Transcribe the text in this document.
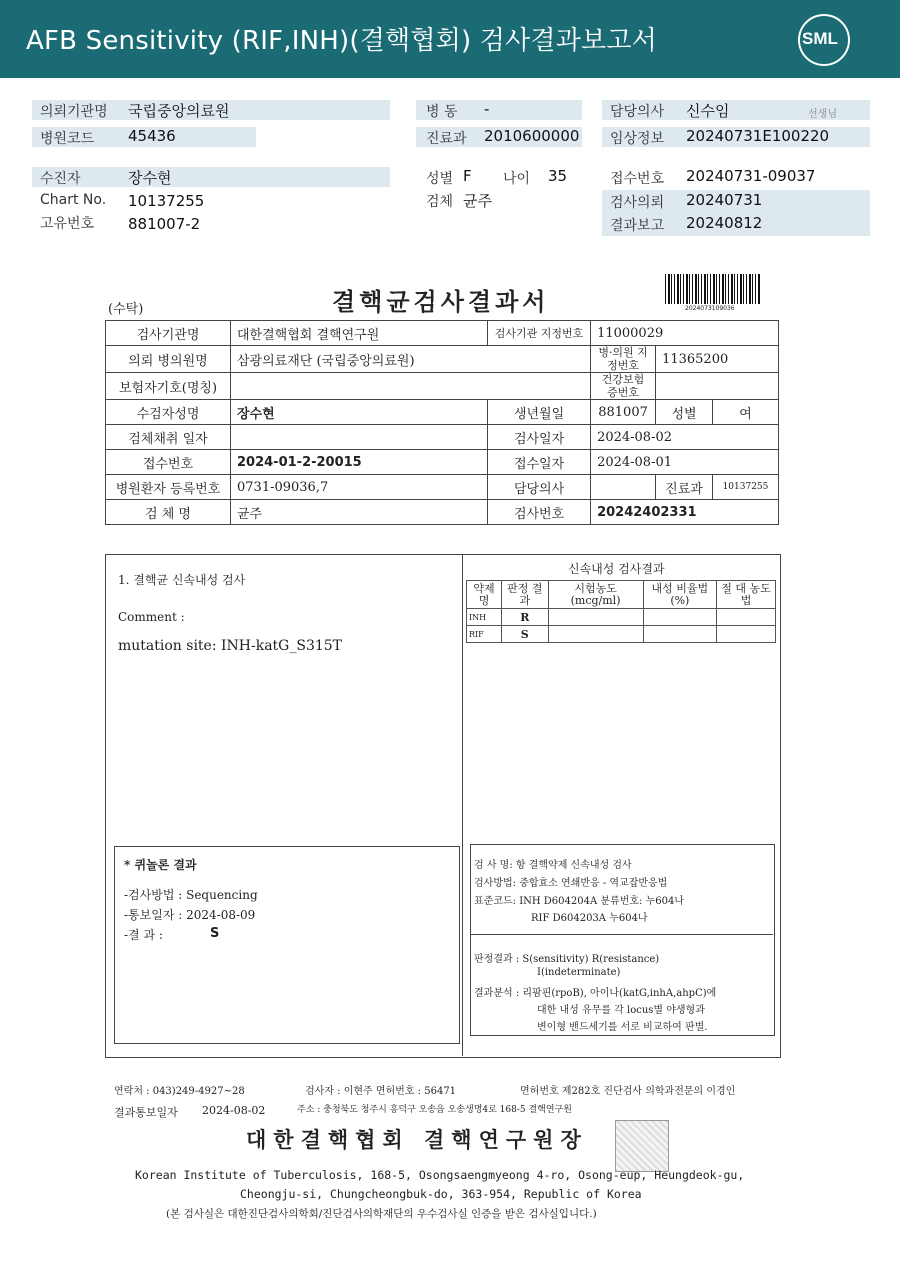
AFB Sensitivity (RIF,INH)(결핵협회) 검사결과보고서	SML
의뢰기관명 국립중앙의료원
병원코드 45436
병 동 -
진료과 2010600000
담당의사 신수임	선생님
임상정보 20240731E100220
수진자	장수현
Chart No. 10137255
고유번호 881007-2
성별 F 나이 35
검체 균주
접수번호 20240731-09037
검사의뢰 20240731
결과보고 20240812
(수탁)	결핵균검사결과서	2024073109036
검사기관명	대한결핵협회 결핵연구원	검사기관 지정번호	11000029		
의뢰 병의원명	삼광의료재단 (국립중앙의료원)		병·의원 지정번호	11365200	
보험자기호(명칭)			건강보험 증번호		
수검자성명	장수현	생년월일	881007	성별	여
검체채취 일자		검사일자	2024-08-02		
접수번호	2024-01-2-20015	접수일자	2024-08-01		
병원환자 등록번호	0731-09036,7	담당의사		진료과	10137255
검 체 명	균주	검사번호	20242402331		
1. 결핵균 신속내성 검사
Comment :
mutation site: INH-katG_S315T
신속내성 검사결과
약제명	판정 결과	시험농도 (mcg/ml)	내성 비율법(%)	절 대 농도법
INH	R			
RIF	S			
* 퀴놀론 결과
-검사방법 : Sequencing
-통보일자 : 2024-08-09
-결 과 :	S
검 사 명: 항 결핵약제 신속내성 검사
검사방법: 중합효소 연쇄반응 - 역교잡반응법
표준코드: INH D604204A 분류번호: 누604나
RIF D604203A 누604나
판정결과 : S(sensitivity) R(resistance)
I(indeterminate)
결과분석 : 리팜핀(rpoB), 아이나(katG,inhA,ahpC)에
대한 내성 유무를 각 locus별 야생형과
변이형 밴드세기를 서로 비교하여 판별.
연락처 : 043)249-4927~28	검사자 : 이현주 면허번호 : 56471	면허번호 제282호 진단검사 의학과전문의 이경인
결과통보일자 2024-08-02	주소 : 충청북도 청주시 흥덕구 오송읍 오송생명4로 168-5 결핵연구원
대한결핵협회 결핵연구원장
Korean Institute of Tuberculosis, 168-5, Osongsaengmyeong 4-ro, Osong-eup, Heungdeok-gu,
Cheongju-si, Chungcheongbuk-do, 363-954, Republic of Korea
(본 검사실은 대한진단검사의학회/진단검사의학재단의 우수검사실 인증을 받은 검사실입니다.)
